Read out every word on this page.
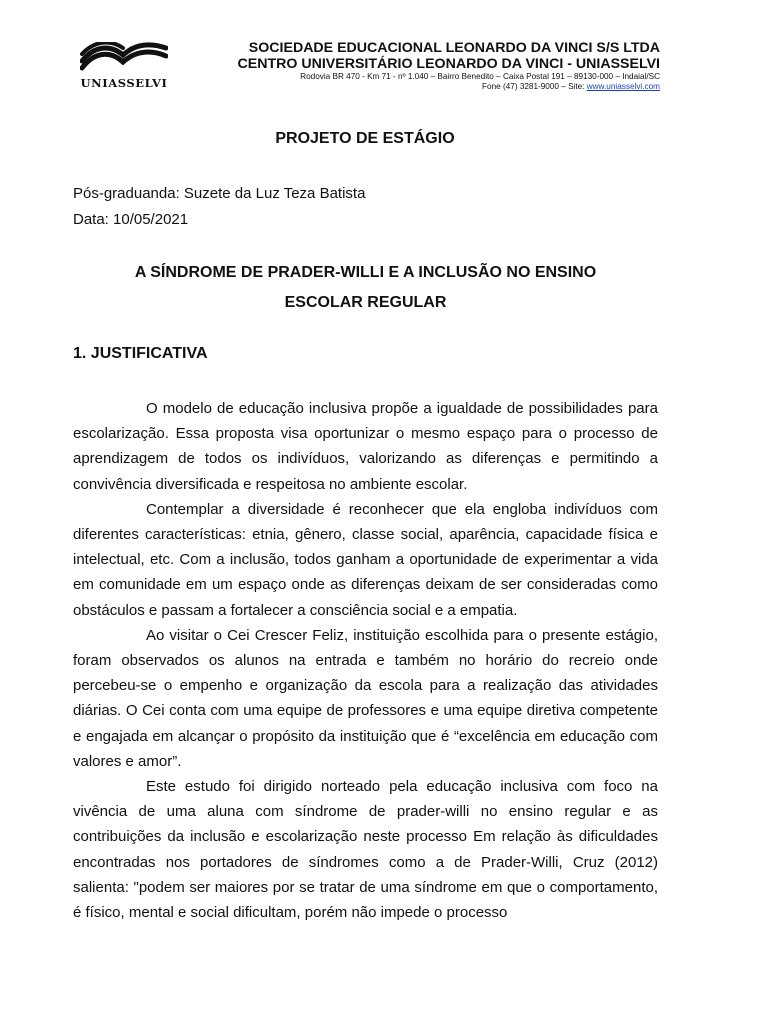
UNIASSELVI
SOCIEDADE EDUCACIONAL LEONARDO DA VINCI S/S LTDA
CENTRO UNIVERSITÁRIO LEONARDO DA VINCI - UNIASSELVI
Rodovia BR 470 - Km 71 - nº 1.040 – Bairro Benedito – Caixa Postal 191 – 89130-000 – Indaial/SC
Fone (47) 3281-9000 – Site: www.uniasselvi.com
PROJETO DE ESTÁGIO
Pós-graduanda: Suzete da Luz Teza Batista
Data: 10/05/2021
A SÍNDROME DE PRADER-WILLI E A INCLUSÃO NO ENSINO
ESCOLAR REGULAR
1. JUSTIFICATIVA

O modelo de educação inclusiva propõe a igualdade de possibilidades para escolarização. Essa proposta visa oportunizar o mesmo espaço para o processo de aprendizagem de todos os indivíduos, valorizando as diferenças e permitindo a convivência diversificada e respeitosa no ambiente escolar.

Contemplar a diversidade é reconhecer que ela engloba indivíduos com diferentes características: etnia, gênero, classe social, aparência, capacidade física e intelectual, etc. Com a inclusão, todos ganham a oportunidade de experimentar a vida em comunidade em um espaço onde as diferenças deixam de ser consideradas como obstáculos e passam a fortalecer a consciência social e a empatia.

Ao visitar o Cei Crescer Feliz, instituição escolhida para o presente estágio, foram observados os alunos na entrada e também no horário do recreio onde percebeu-se o empenho e organização da escola para a realização das atividades diárias. O Cei conta com uma equipe de professores e uma equipe diretiva competente e engajada em alcançar o propósito da instituição que é “excelência em educação com valores e amor”.

Este estudo foi dirigido norteado pela educação inclusiva com foco na vivência de uma aluna com síndrome de prader-willi no ensino regular e as contribuições da inclusão e escolarização neste processo Em relação às dificuldades encontradas nos portadores de síndromes como a de Prader-Willi, Cruz (2012) salienta: "podem ser maiores por se tratar de uma síndrome em que o comportamento, é físico, mental e social dificultam, porém não impede o processo
